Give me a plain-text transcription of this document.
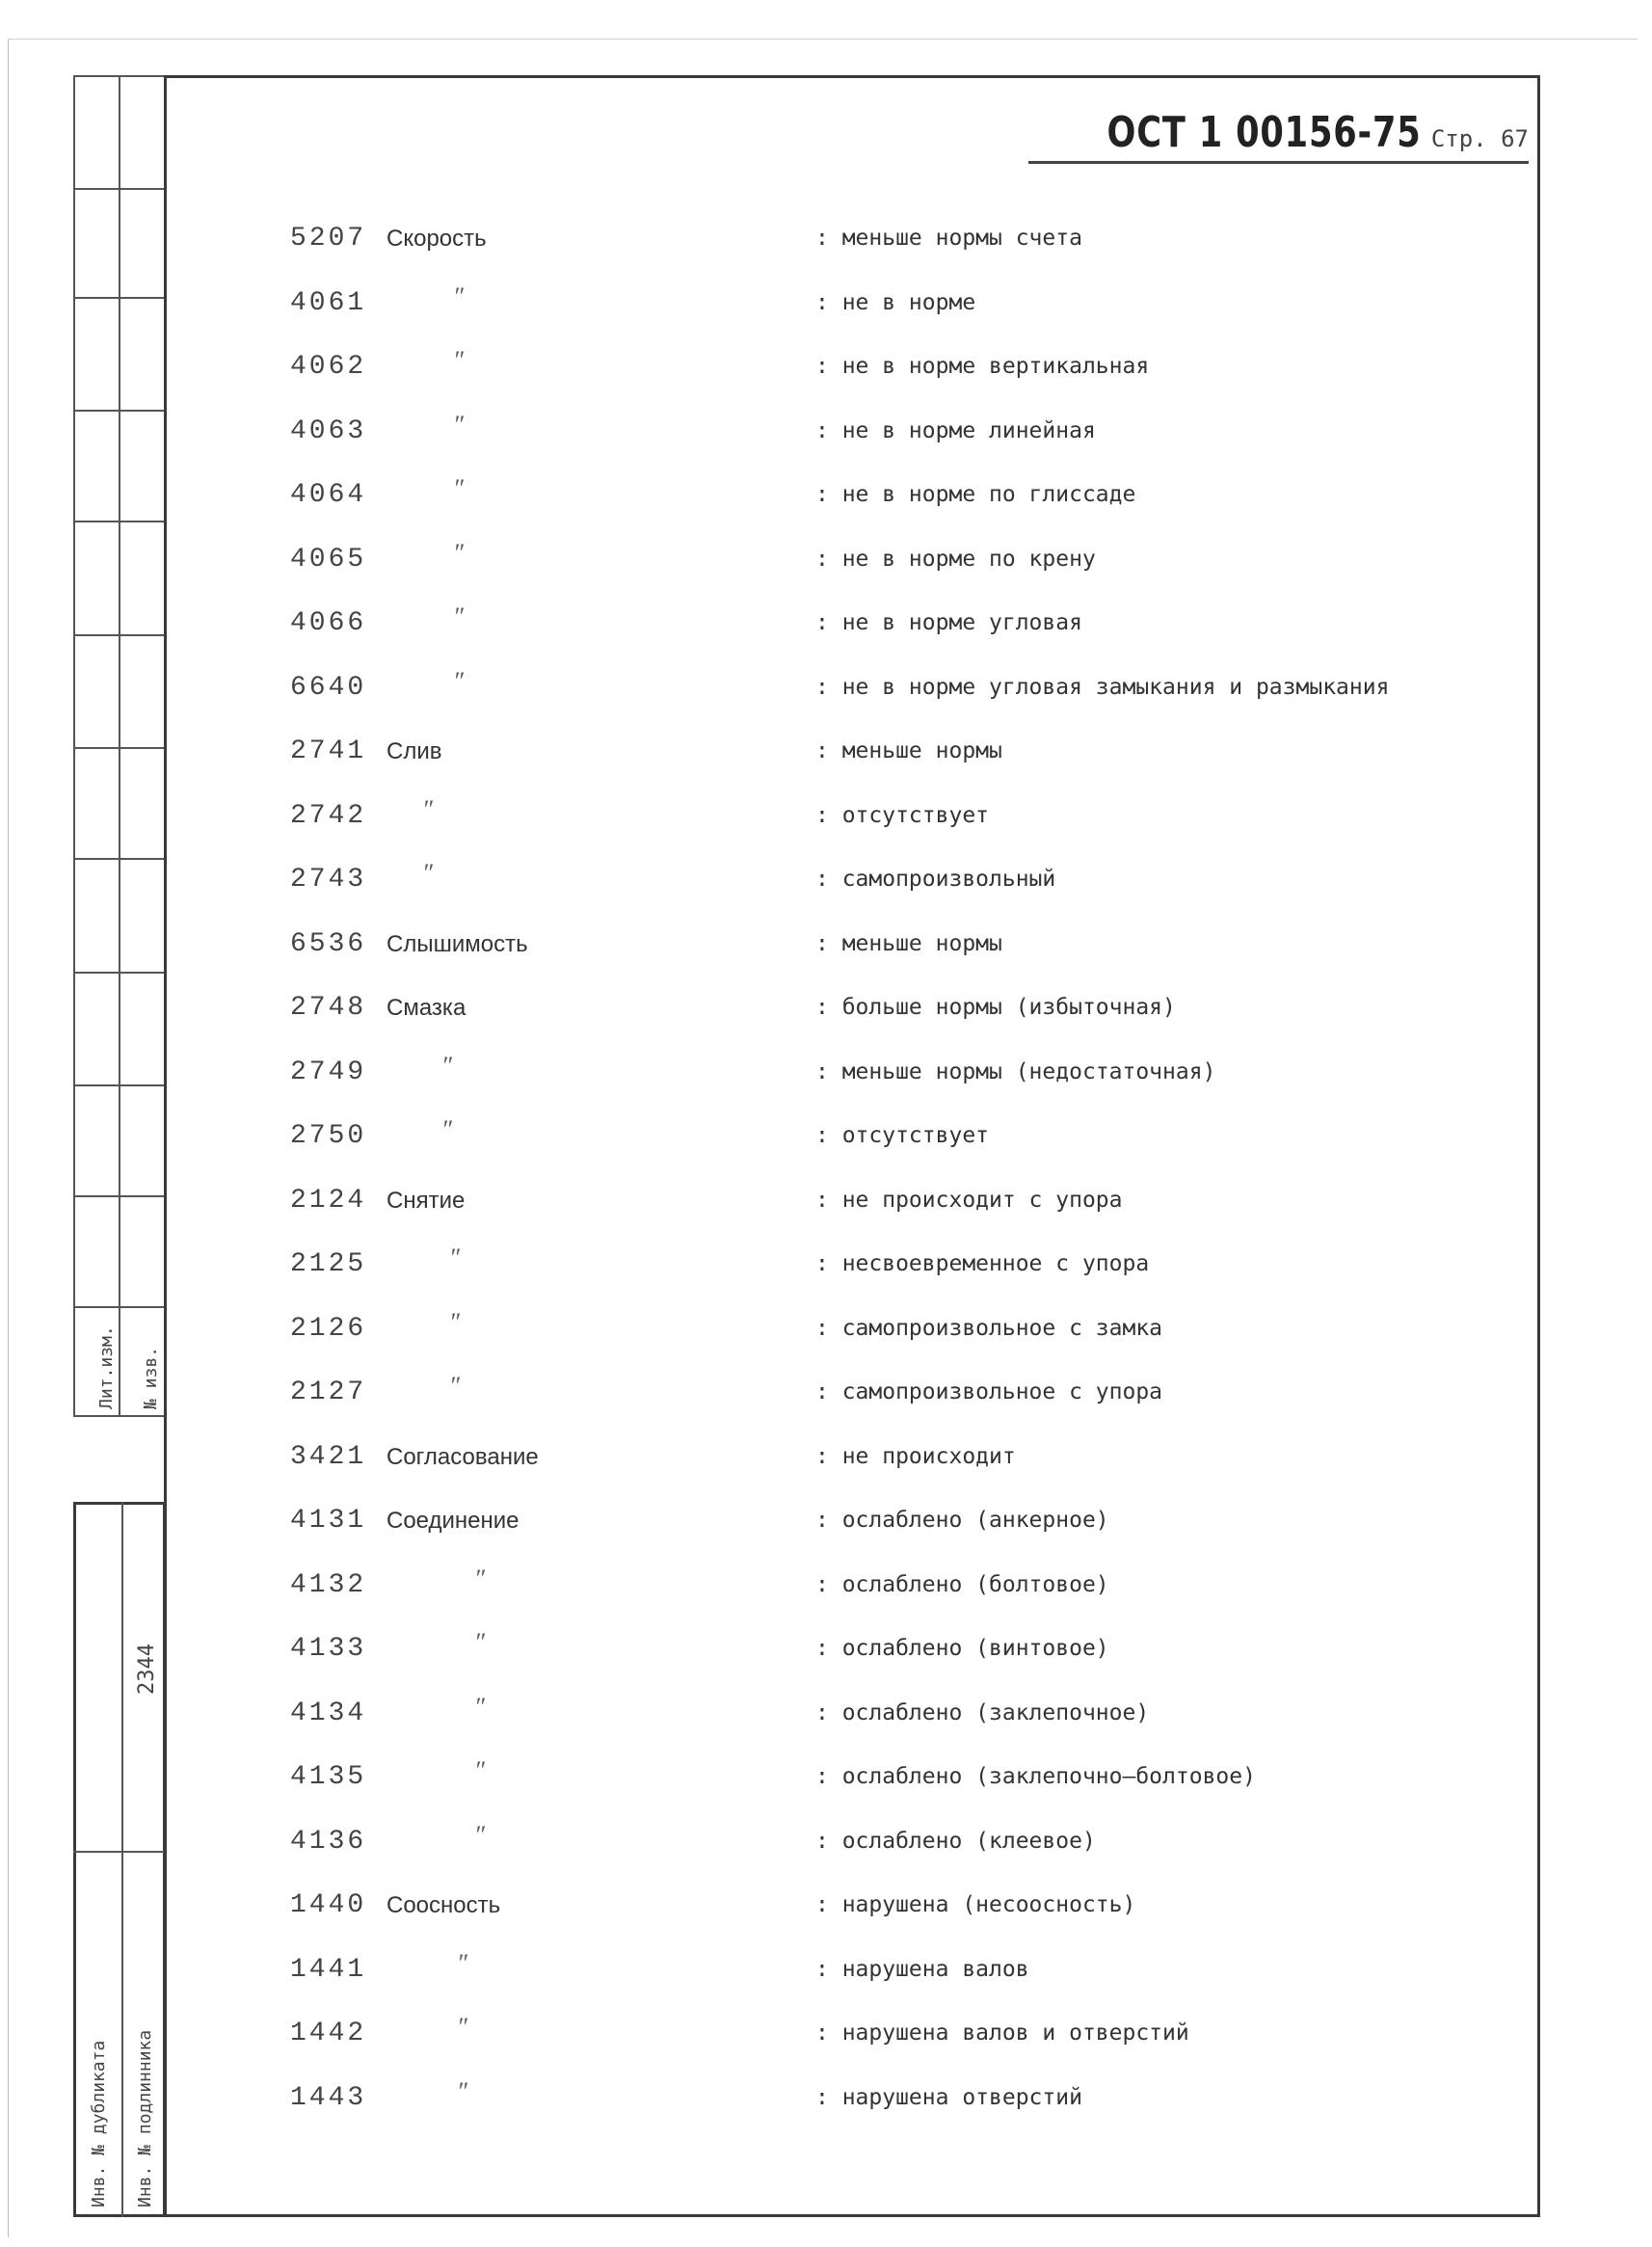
Лит.изм. № изв.
2344
Инв. № дубликата Инв. № подлинника
ОСТ 1 00156-75 Стр. 67
5207 Скорость	: меньше нормы счета
4061	″	: не в норме
4062	″	: не в норме вертикальная
4063	″	: не в норме линейная
4064	″	: не в норме по глиссаде
4065	″	: не в норме по крену
4066	″	: не в норме угловая
6640	″	: не в норме угловая замыкания и размыкания
2741 Слив	: меньше нормы
2742 ″	: отсутствует
2743 ″	: самопроизвольный
6536 Слышимость	: меньше нормы
2748 Смазка	: больше нормы (избыточная)
2749	″	: меньше нормы (недостаточная)
2750	″	: отсутствует
2124 Снятие	: не происходит с упора
2125	″	: несвоевременное с упора
2126	″	: самопроизвольное с замка
2127	″	: самопроизвольное с упора
3421 Согласование	: не происходит
4131 Соединение	: ослаблено (анкерное)
4132	″	: ослаблено (болтовое)
4133	″	: ослаблено (винтовое)
4134	″	: ослаблено (заклепочное)
4135	″	: ослаблено (заклепочно–болтовое)
4136	″	: ослаблено (клеевое)
1440 Соосность	: нарушена (несоосность)
1441	″	: нарушена валов
1442	″	: нарушена валов и отверстий
1443	″	: нарушена отверстий
